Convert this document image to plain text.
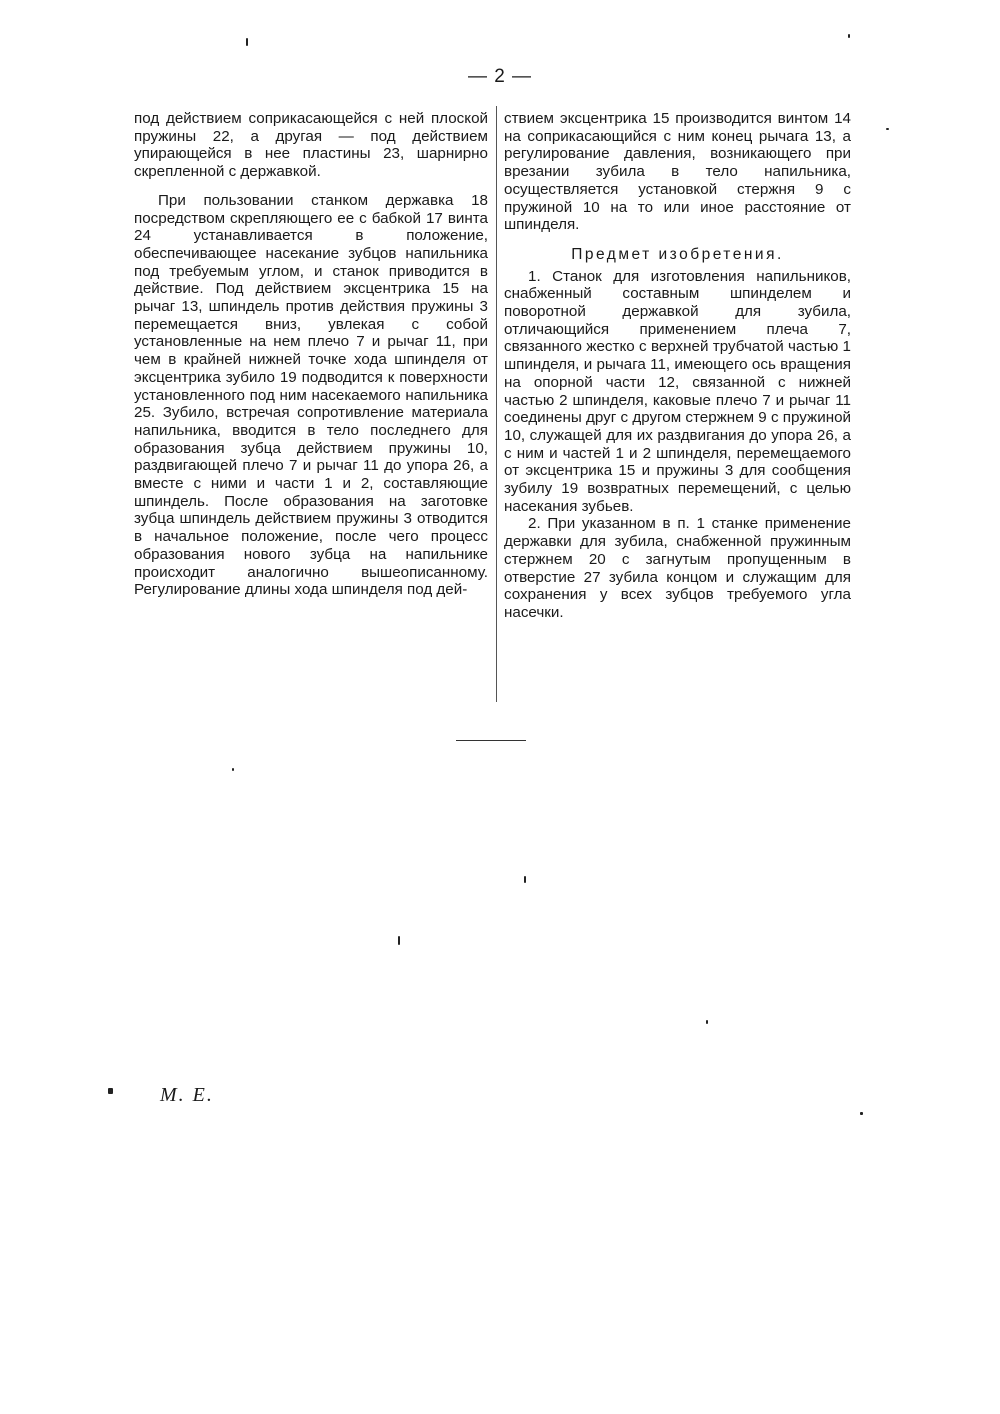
— 2 —

под действием соприкасающейся с ней плоской пружины 22, а другая — под действием упирающейся в нее пластины 23, шарнирно скрепленной с державкой.

При пользовании станком державка 18 посредством скрепляющего ее с бабкой 17 винта 24 устанавливается в положение, обеспечивающее насекание зубцов напильника под требуемым углом, и станок приводится в действие. Под действием эксцентрика 15 на рычаг 13, шпиндель против действия пружины 3 перемещается вниз, увлекая с собой установленные на нем плечо 7 и рычаг 11, при чем в крайней нижней точке хода шпинделя от эксцентрика зубило 19 подводится к поверхности установленного под ним насекаемого напильника 25. Зубило, встречая сопротивление материала напильника, вводится в тело последнего для образования зубца действием пружины 10, раздвигающей плечо 7 и рычаг 11 до упора 26, а вместе с ними и части 1 и 2, составляющие шпиндель. После образования на заготовке зубца шпиндель действием пружины 3 отводится в начальное положение, после чего процесс образования нового зубца на напильнике происходит аналогично вышеописанному. Регулирование длины хода шпинделя под дей-

ствием эксцентрика 15 производится винтом 14 на соприкасающийся с ним конец рычага 13, а регулирование давления, возникающего при врезании зубила в тело напильника, осуществляется установкой стержня 9 с пружиной 10 на то или иное расстояние от шпинделя.

Предмет изобретения.

1. Станок для изготовления напильников, снабженный составным шпинделем и поворотной державкой для зубила, отличающийся применением плеча 7, связанного жестко с верхней трубчатой частью 1 шпинделя, и рычага 11, имеющего ось вращения на опорной части 12, связанной с нижней частью 2 шпинделя, каковые плечо 7 и рычаг 11 соединены друг с другом стержнем 9 с пружиной 10, служащей для их раздвигания до упора 26, а с ним и частей 1 и 2 шпинделя, перемещаемого от эксцентрика 15 и пружины 3 для сообщения зубилу 19 возвратных перемещений, с целью насекания зубьев.

2. При указанном в п. 1 станке применение державки для зубила, снабженной пружинным стержнем 20 с загнутым пропущенным в отверстие 27 зубила концом и служащим для сохранения у всех зубцов требуемого угла насечки.

М. Е.
